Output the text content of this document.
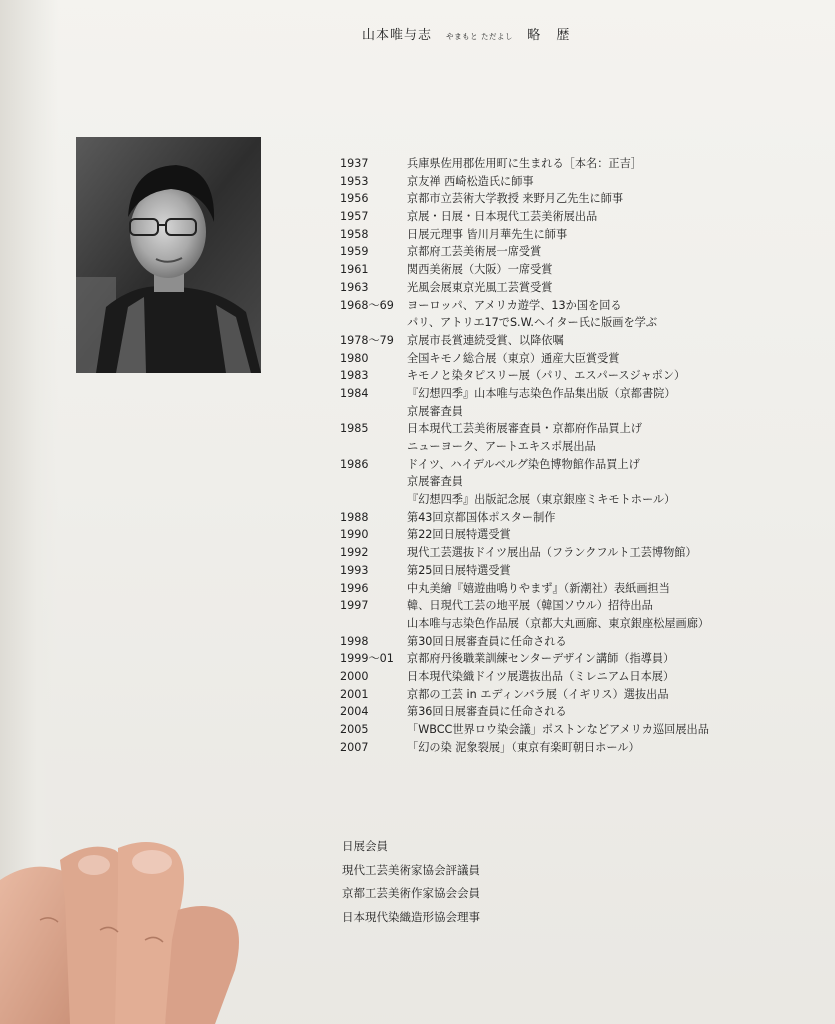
山本唯与志 やまもと ただよし 略 歴
1937	兵庫県佐用郡佐用町に生まれる［本名：正吉］
1953	京友禅 西崎松造氏に師事
1956	京都市立芸術大学教授 来野月乙先生に師事
1957	京展・日展・日本現代工芸美術展出品
1958	日展元理事 皆川月華先生に師事
1959	京都府工芸美術展一席受賞
1961	関西美術展（大阪）一席受賞
1963	光風会展東京光風工芸賞受賞
1968〜69	ヨーロッパ、アメリカ遊学、13か国を回る
パリ、アトリエ17でS.W.ヘイター氏に版画を学ぶ
1978〜79	京展市長賞連続受賞、以降依嘱
1980	全国キモノ総合展（東京）通産大臣賞受賞
1983	キモノと染タピスリー展（パリ、エスパースジャポン）
1984	『幻想四季』山本唯与志染色作品集出版（京都書院）
京展審査員
1985	日本現代工芸美術展審査員・京都府作品買上げ
ニューヨーク、アートエキスポ展出品
1986	ドイツ、ハイデルベルグ染色博物館作品買上げ
京展審査員
『幻想四季』出版記念展（東京銀座ミキモトホール）
1988	第43回京都国体ポスター制作
1990	第22回日展特選受賞
1992	現代工芸選抜ドイツ展出品（フランクフルト工芸博物館）
1993	第25回日展特選受賞
1996	中丸美繪『嬉遊曲鳴りやまず』（新潮社）表紙画担当
1997	韓、日現代工芸の地平展（韓国ソウル）招待出品
山本唯与志染色作品展（京都大丸画廊、東京銀座松屋画廊）
1998	第30回日展審査員に任命される
1999〜01	京都府丹後職業訓練センターデザイン講師（指導員）
2000	日本現代染織ドイツ展選抜出品（ミレニアム日本展）
2001	京都の工芸 in エディンバラ展（イギリス）選抜出品
2004	第36回日展審査員に任命される
2005	「WBCC世界ロウ染会議」ポストンなどアメリカ巡回展出品
2007	「幻の染 泥象裂展」（東京有楽町朝日ホール）
日展会員
現代工芸美術家協会評議員
京都工芸美術作家協会会員
日本現代染織造形協会理事
